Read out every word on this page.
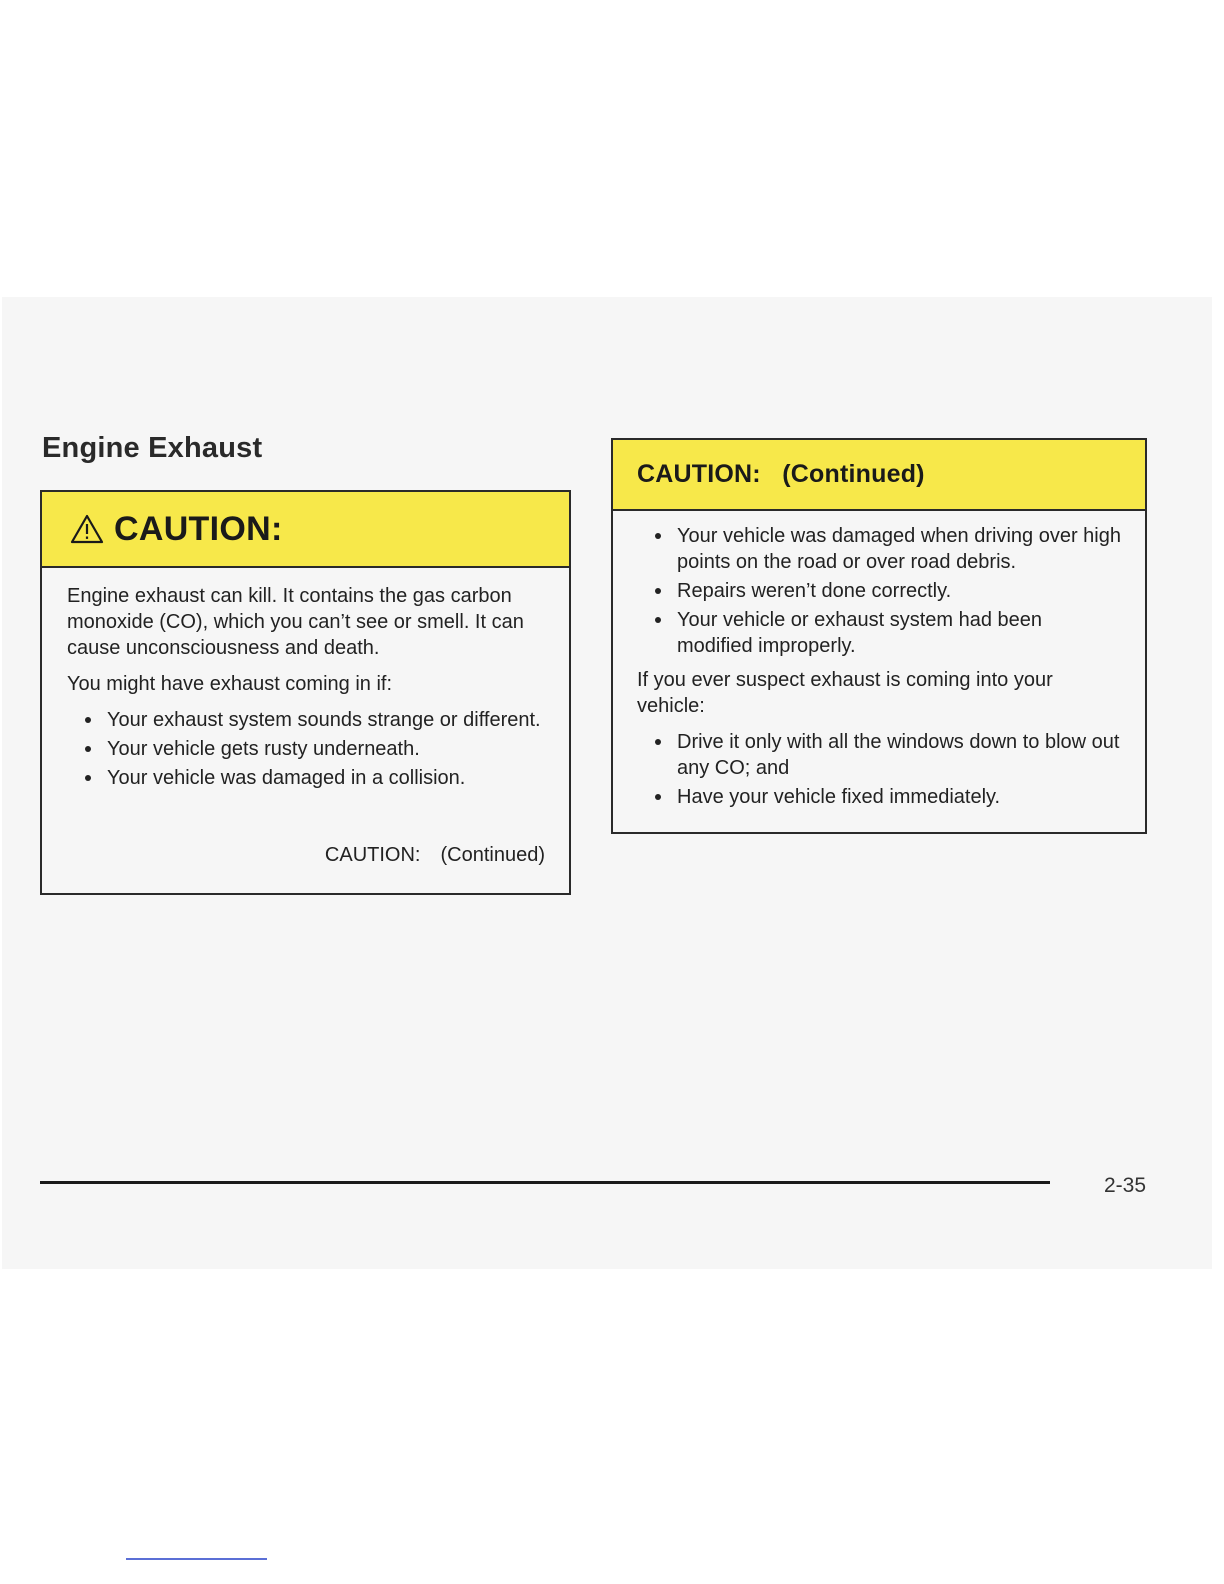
Engine Exhaust
CAUTION:

Engine exhaust can kill. It contains the gas carbon monoxide (CO), which you can’t see or smell. It can cause unconsciousness and death.

You might have exhaust coming in if:

Your exhaust system sounds strange or different.
Your vehicle gets rusty underneath.
Your vehicle was damaged in a collision.
CAUTION: (Continued)
CAUTION: (Continued)
Your vehicle was damaged when driving over high points on the road or over road debris.
Repairs weren’t done correctly.
Your vehicle or exhaust system had been modified improperly.

If you ever suspect exhaust is coming into your vehicle:

Drive it only with all the windows down to blow out any CO; and
Have your vehicle fixed immediately.
2-35
